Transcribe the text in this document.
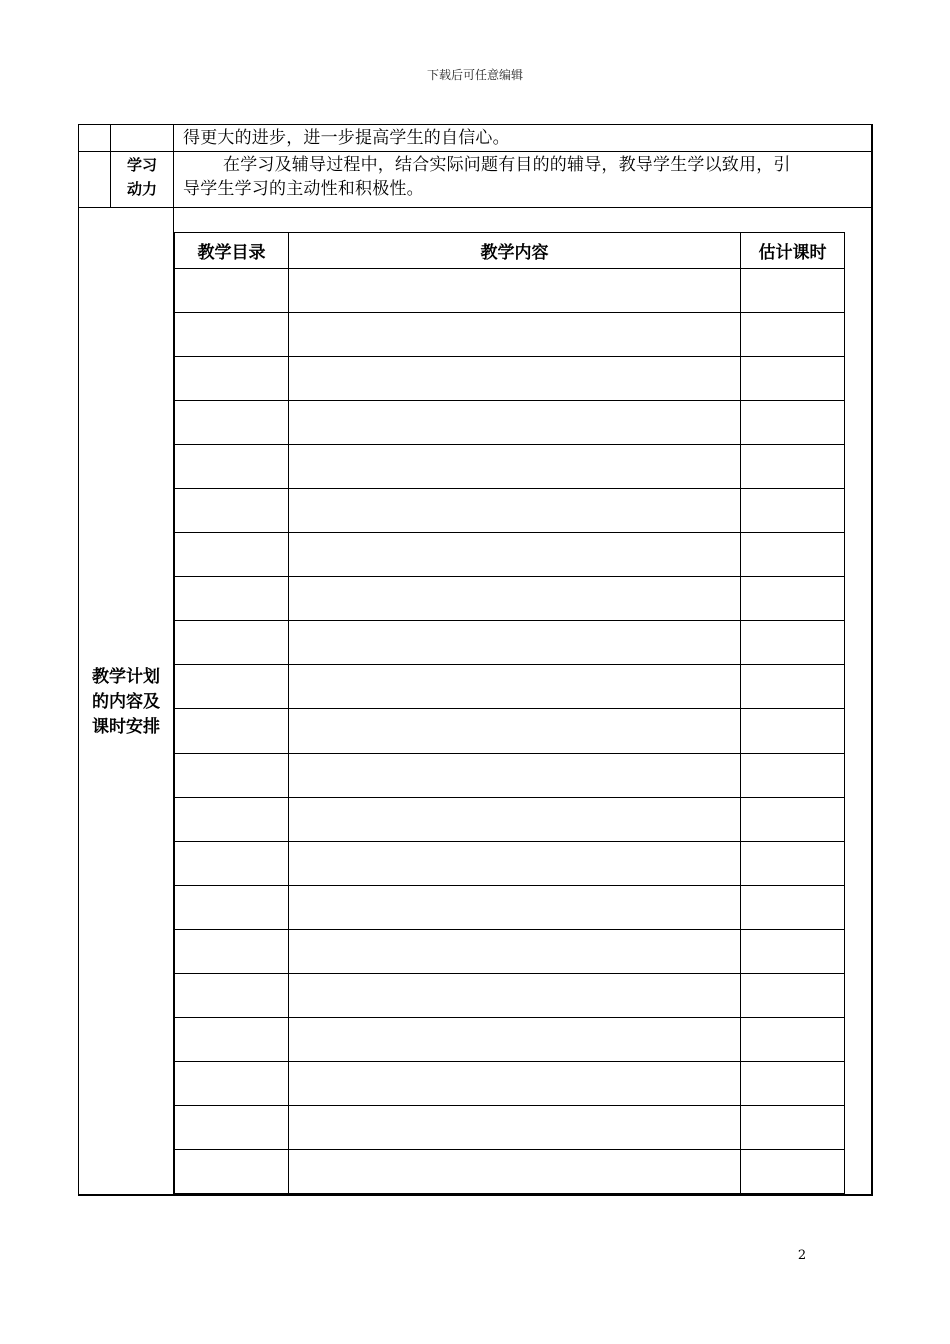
下载后可任意编辑
得更大的进步，进一步提高学生的自信心。
学习
动力
在学习及辅导过程中，结合实际问题有目的的辅导，教导学生学以致用，引
导学生学习的主动性和积极性。
教学计划
的内容及
课时安排
教学目录	教学内容	估计课时

2
